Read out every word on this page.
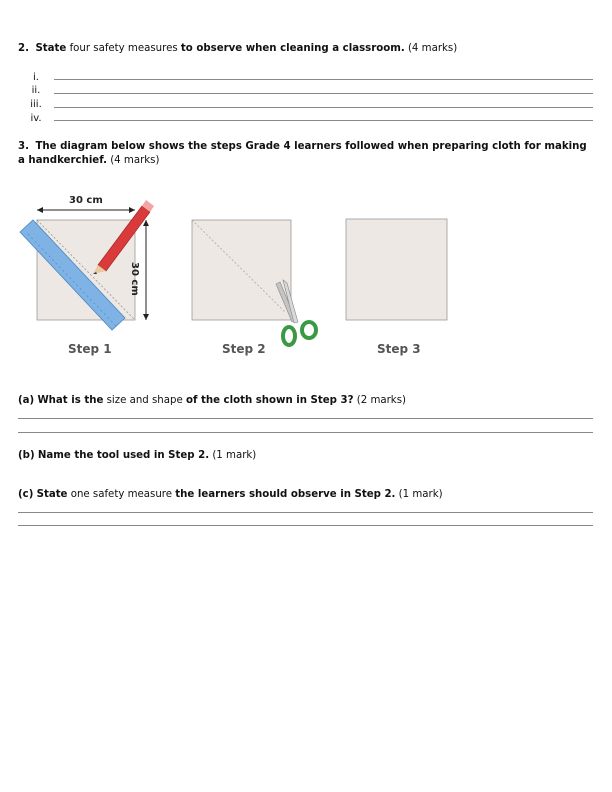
2. State four safety measures to observe when cleaning a classroom. (4 marks)
i.
ii.
iii.
iv.
3. The diagram below shows the steps Grade 4 learners followed when preparing cloth for making
a handkerchief. (4 marks)
30 cm
30 cm
Step 1	Step 2	Step 3
(a) What is the size and shape of the cloth shown in Step 3? (2 marks)
(b) Name the tool used in Step 2. (1 mark)
(c) State one safety measure the learners should observe in Step 2. (1 mark)
